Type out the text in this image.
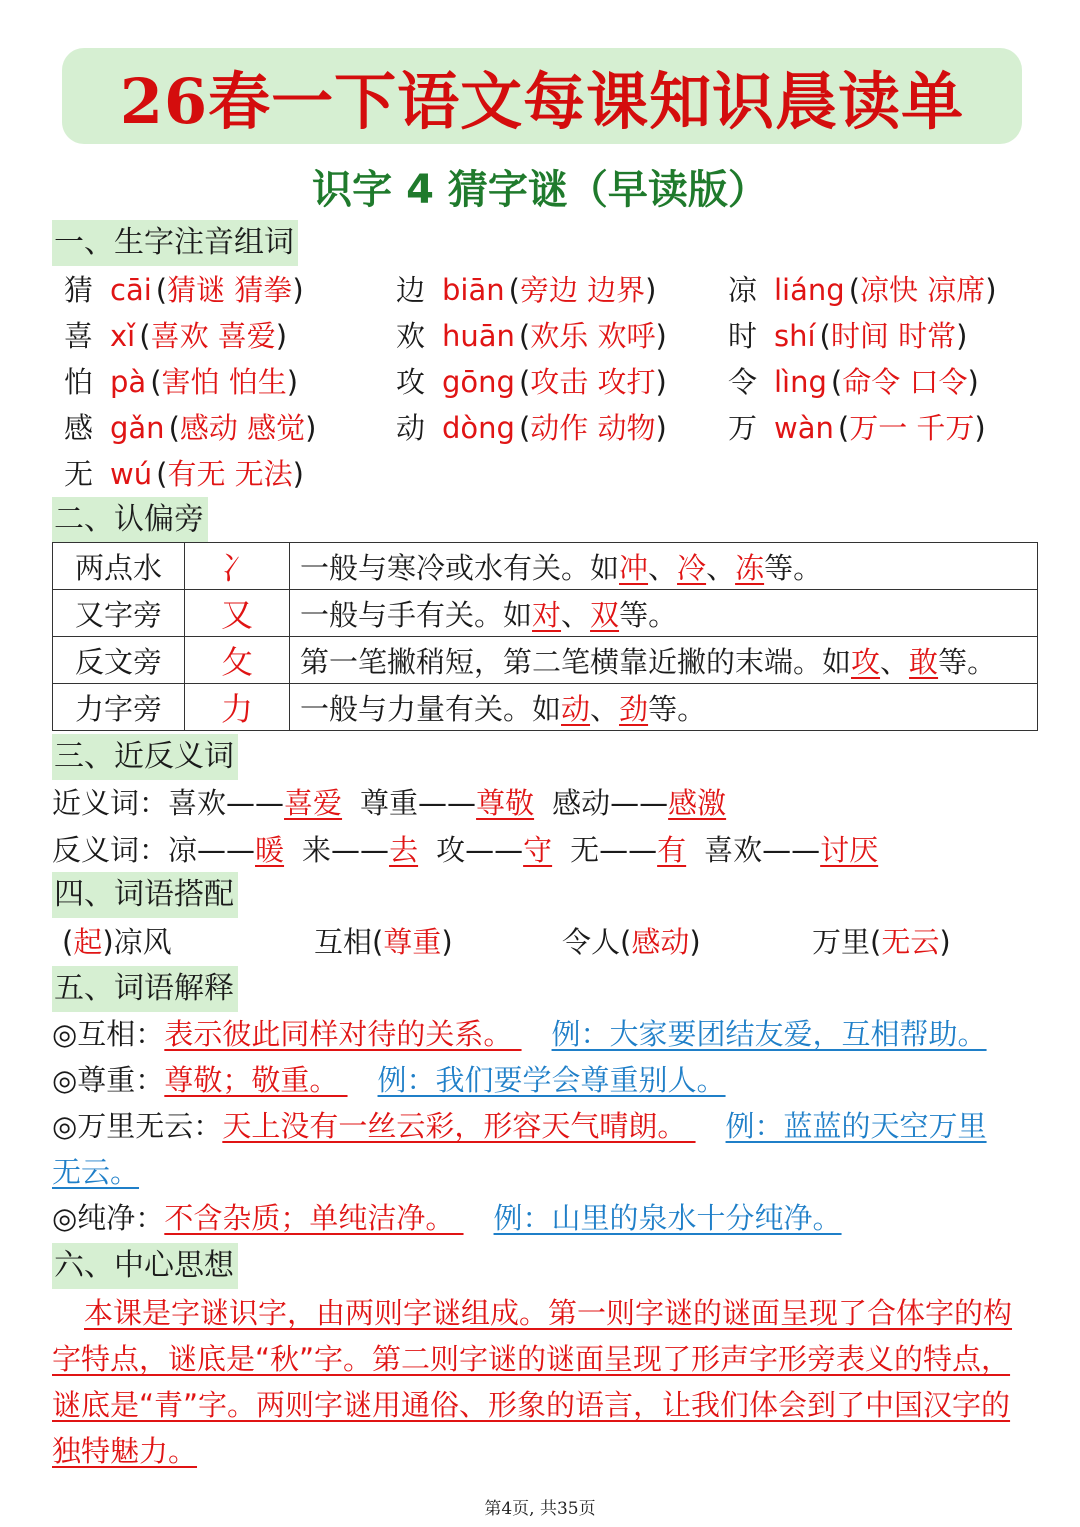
26春一下语文每课知识晨读单
识字 4 猜字谜（早读版）
一、生字注音组词
猜 cāi (猜谜 猜拳)	边 biān (旁边 边界) 凉 liáng (凉快 凉席)
喜 xǐ (喜欢 喜爱)	欢 huān (欢乐 欢呼) 时 shí (时间 时常)
怕 pà (害怕 怕生)	攻 gōng (攻击 攻打) 令 lìng (命令 口令)
感 gǎn (感动 感觉)	动 dòng (动作 动物) 万 wàn (万一 千万)
无 wú (有无 无法)
二、认偏旁
两点水	冫	一般与寒冷或水有关。如冲、冷、冻等。
又字旁	又	一般与手有关。如对、双等。
反文旁	攵	第一笔撇稍短，第二笔横靠近撇的末端。如攻、敢等。
力字旁	力	一般与力量有关。如动、劲等。
三、近反义词
近义词：喜欢——喜爱 尊重——尊敬 感动——感激
反义词：凉——暖 来——去 攻——守 无——有 喜欢——讨厌
四、词语搭配
(起)凉风	互相(尊重)	令人(感动)	万里(无云)
五、词语解释
◎互相：表示彼此同样对待的关系。 例：大家要团结友爱，互相帮助。
◎尊重：尊敬；敬重。 例：我们要学会尊重别人。
◎万里无云：天上没有一丝云彩，形容天气晴朗。 例：蓝蓝的天空万里
无云。
◎纯净：不含杂质；单纯洁净。 例：山里的泉水十分纯净。
六、中心思想
本课是字谜识字，由两则字谜组成。第一则字谜的谜面呈现了合体字的构字特点，谜底是“秋”字。第二则字谜的谜面呈现了形声字形旁表义的特点，谜底是“青”字。两则字谜用通俗、形象的语言，让我们体会到了中国汉字的独特魅力。
第4页, 共35页
